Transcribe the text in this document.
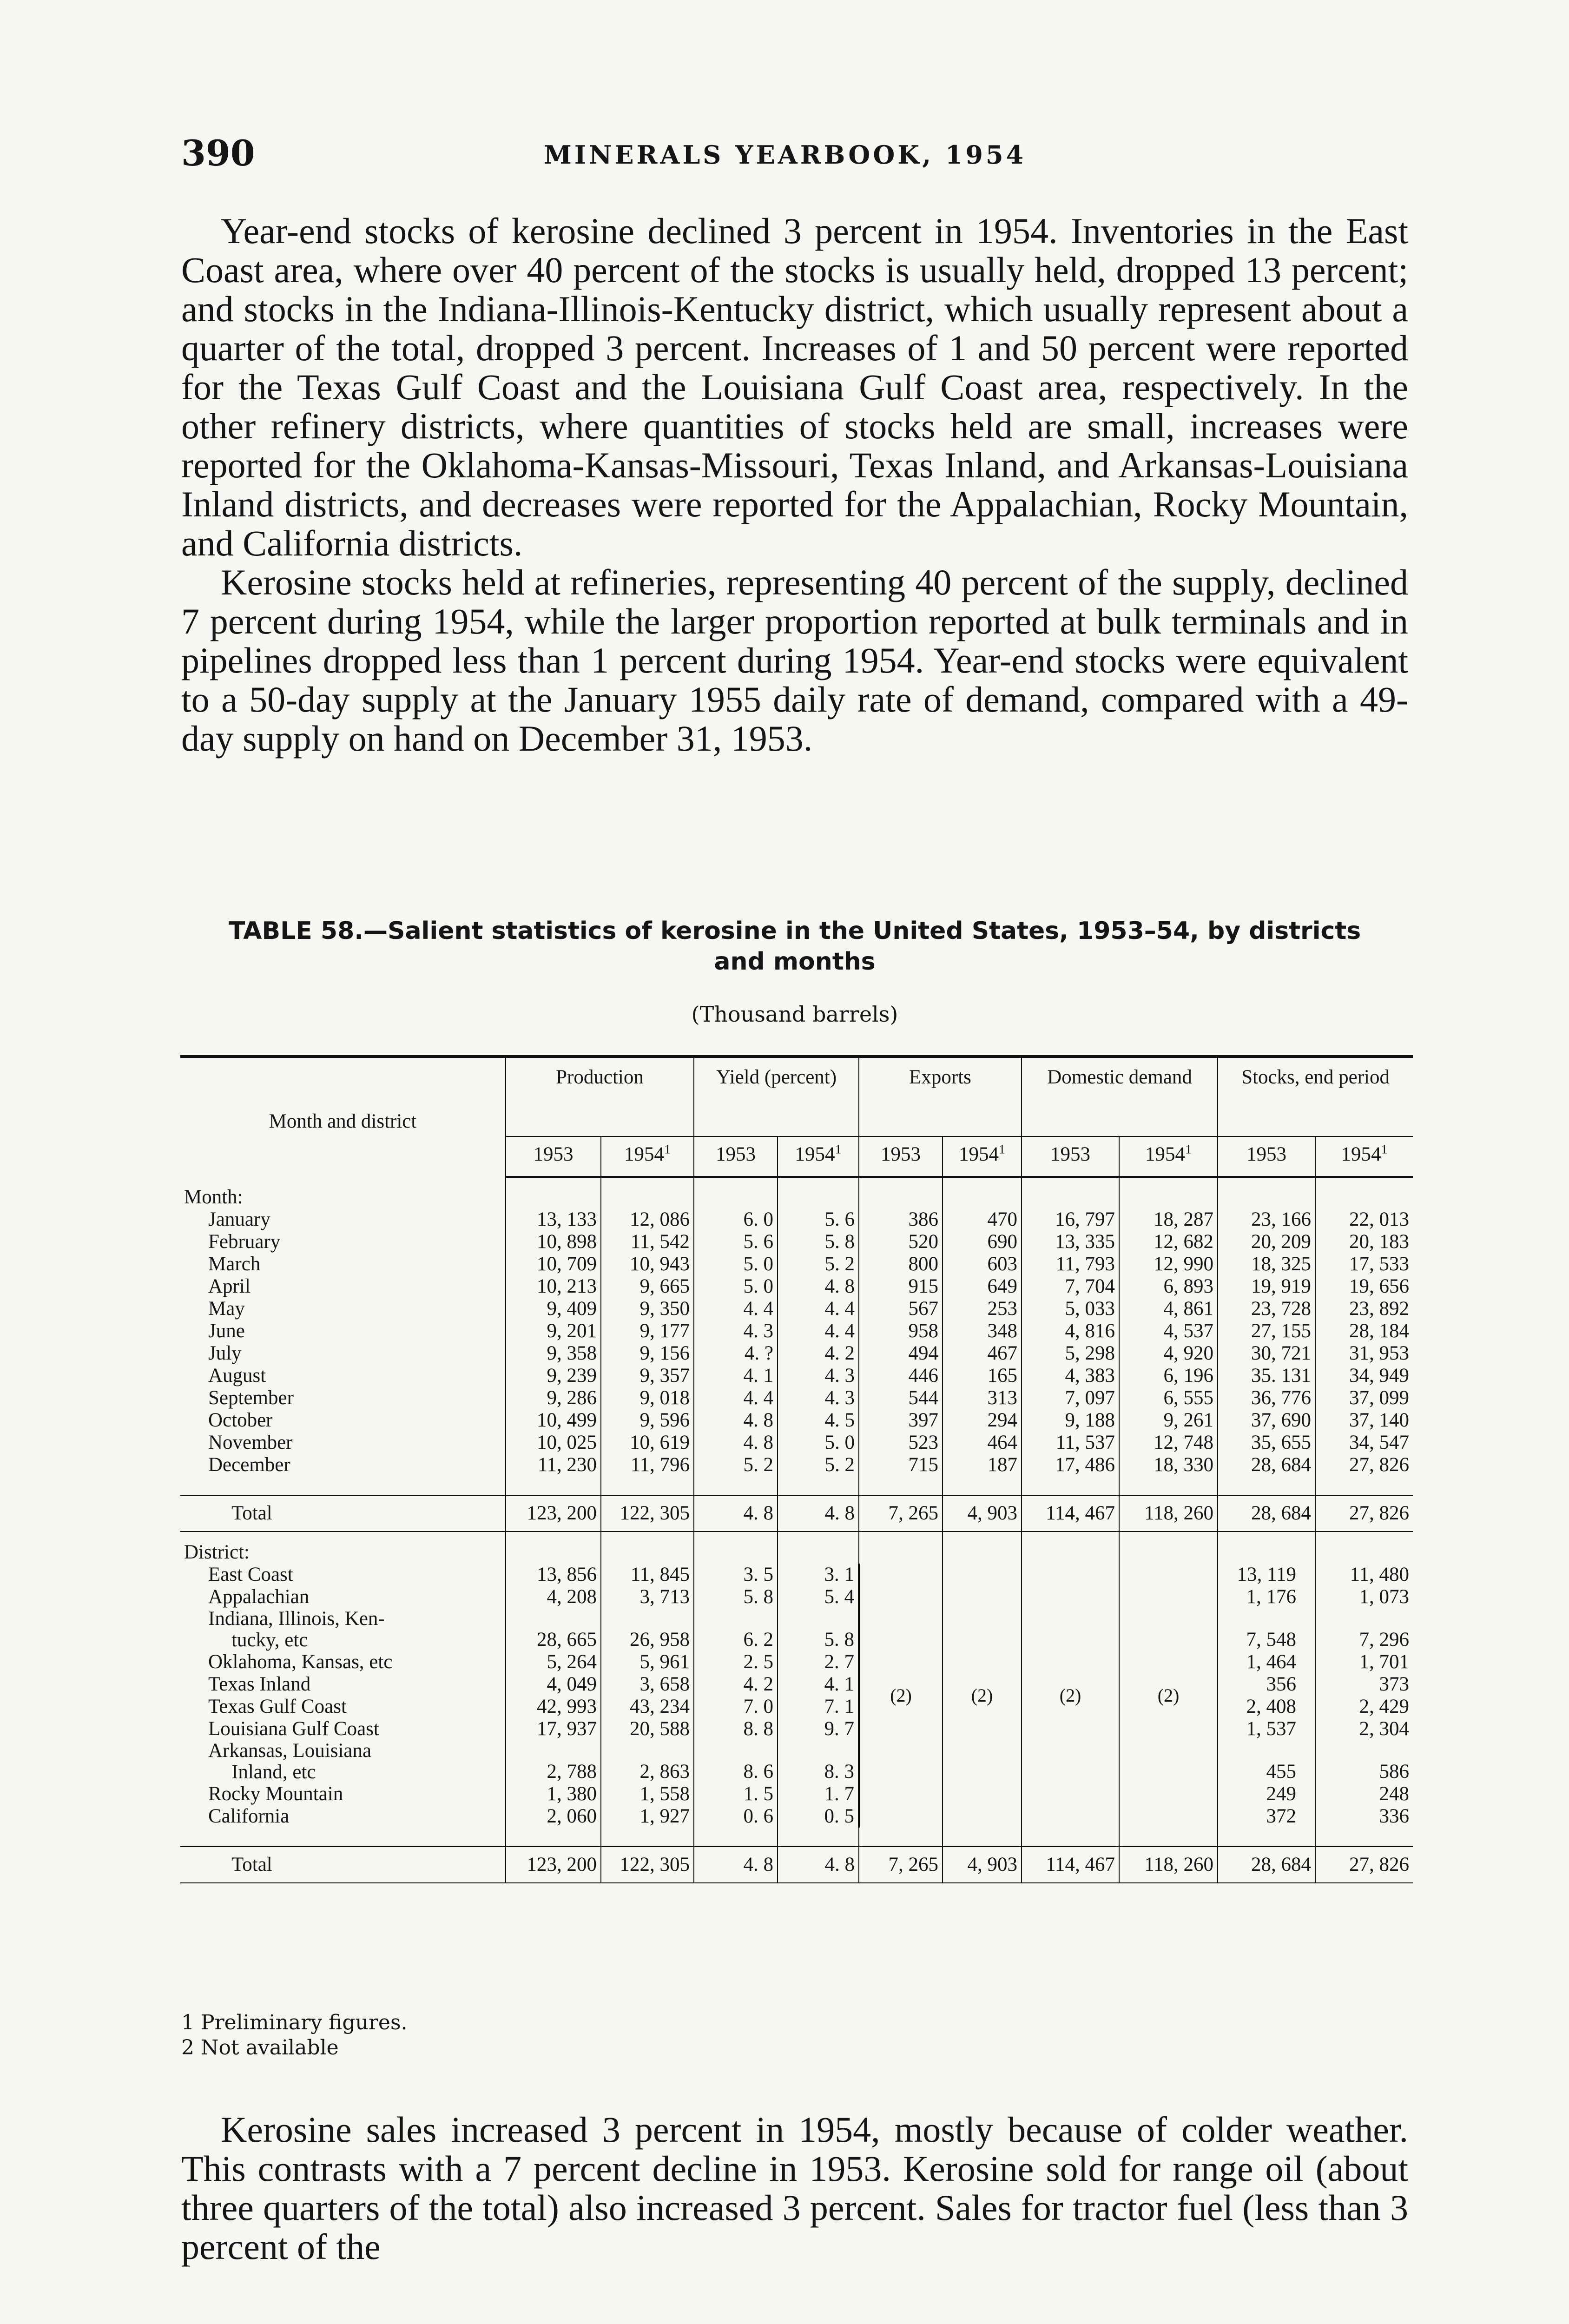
390	MINERALS YEARBOOK, 1954

Year-end stocks of kerosine declined 3 percent in 1954. Inventories in the East Coast area, where over 40 percent of the stocks is usually held, dropped 13 percent; and stocks in the Indiana-Illinois-Kentucky district, which usually represent about a quarter of the total, dropped 3 percent. Increases of 1 and 50 percent were reported for the Texas Gulf Coast and the Louisiana Gulf Coast area, respectively. In the other refinery districts, where quantities of stocks held are small, increases were reported for the Oklahoma-Kansas-Missouri, Texas Inland, and Arkansas-Louisiana Inland districts, and decreases were reported for the Appalachian, Rocky Mountain, and California districts.

Kerosine stocks held at refineries, representing 40 percent of the supply, declined 7 percent during 1954, while the larger proportion reported at bulk terminals and in pipelines dropped less than 1 percent during 1954. Year-end stocks were equivalent to a 50-day supply at the January 1955 daily rate of demand, compared with a 49-day supply on hand on December 31, 1953.

TABLE 58.—Salient statistics of kerosine in the United States, 1953–54, by districts
and months

(Thousand barrels)

Month and district	Production		Yield (percent)		Exports		Domestic demand		Stocks, end period	
	1953	1954$^1$	1953	1954$^1$	1953	1954$^1$	1953	1954$^1$	1953	1954$^1$
Month:										
January	13, 133	12, 086	6. 0	5. 6	386	470	16, 797	18, 287	23, 166	22, 013
February	10, 898	11, 542	5. 6	5. 8	520	690	13, 335	12, 682	20, 209	20, 183
March	10, 709	10, 943	5. 0	5. 2	800	603	11, 793	12, 990	18, 325	17, 533
April	10, 213	9, 665	5. 0	4. 8	915	649	7, 704	6, 893	19, 919	19, 656
May	9, 409	9, 350	4. 4	4. 4	567	253	5, 033	4, 861	23, 728	23, 892
June	9, 201	9, 177	4. 3	4. 4	958	348	4, 816	4, 537	27, 155	28, 184
July	9, 358	9, 156	4. ?	4. 2	494	467	5, 298	4, 920	30, 721	31, 953
August	9, 239	9, 357	4. 1	4. 3	446	165	4, 383	6, 196	35. 131	34, 949
September	9, 286	9, 018	4. 4	4. 3	544	313	7, 097	6, 555	36, 776	37, 099
October	10, 499	9, 596	4. 8	4. 5	397	294	9, 188	9, 261	37, 690	37, 140
November	10, 025	10, 619	4. 8	5. 0	523	464	11, 537	12, 748	35, 655	34, 547
December	11, 230	11, 796	5. 2	5. 2	715	187	17, 486	18, 330	28, 684	27, 826

Total	123, 200	122, 305	4. 8	4. 8	7, 265	4, 903	114, 467	118, 260	28, 684	27, 826
District:										
East Coast	13, 856	11, 845	3. 5	3. 1	(2)	(2)	(2)	(2)	13, 119	11, 480
Appalachian	4, 208	3, 713	5. 8	5. 4					1, 176	1, 073
Indiana, Illinois, Ken-
tucky, etc	28, 665	26, 958	6. 2	5. 8					7, 548	7, 296
Oklahoma, Kansas, etc	5, 264	5, 961	2. 5	2. 7					1, 464	1, 701
Texas Inland	4, 049	3, 658	4. 2	4. 1					356	373
Texas Gulf Coast	42, 993	43, 234	7. 0	7. 1					2, 408	2, 429
Louisiana Gulf Coast	17, 937	20, 588	8. 8	9. 7					1, 537	2, 304
Arkansas, Louisiana
Inland, etc	2, 788	2, 863	8. 6	8. 3					455	586
Rocky Mountain	1, 380	1, 558	1. 5	1. 7					249	248
California	2, 060	1, 927	0. 6	0. 5					372	336

Total	123, 200	122, 305	4. 8	4. 8	7, 265	4, 903	114, 467	118, 260	28, 684	27, 826
1 Preliminary figures.
2 Not available

Kerosine sales increased 3 percent in 1954, mostly because of colder weather. This contrasts with a 7 percent decline in 1953. Kerosine sold for range oil (about three quarters of the total) also increased 3 percent. Sales for tractor fuel (less than 3 percent of the
